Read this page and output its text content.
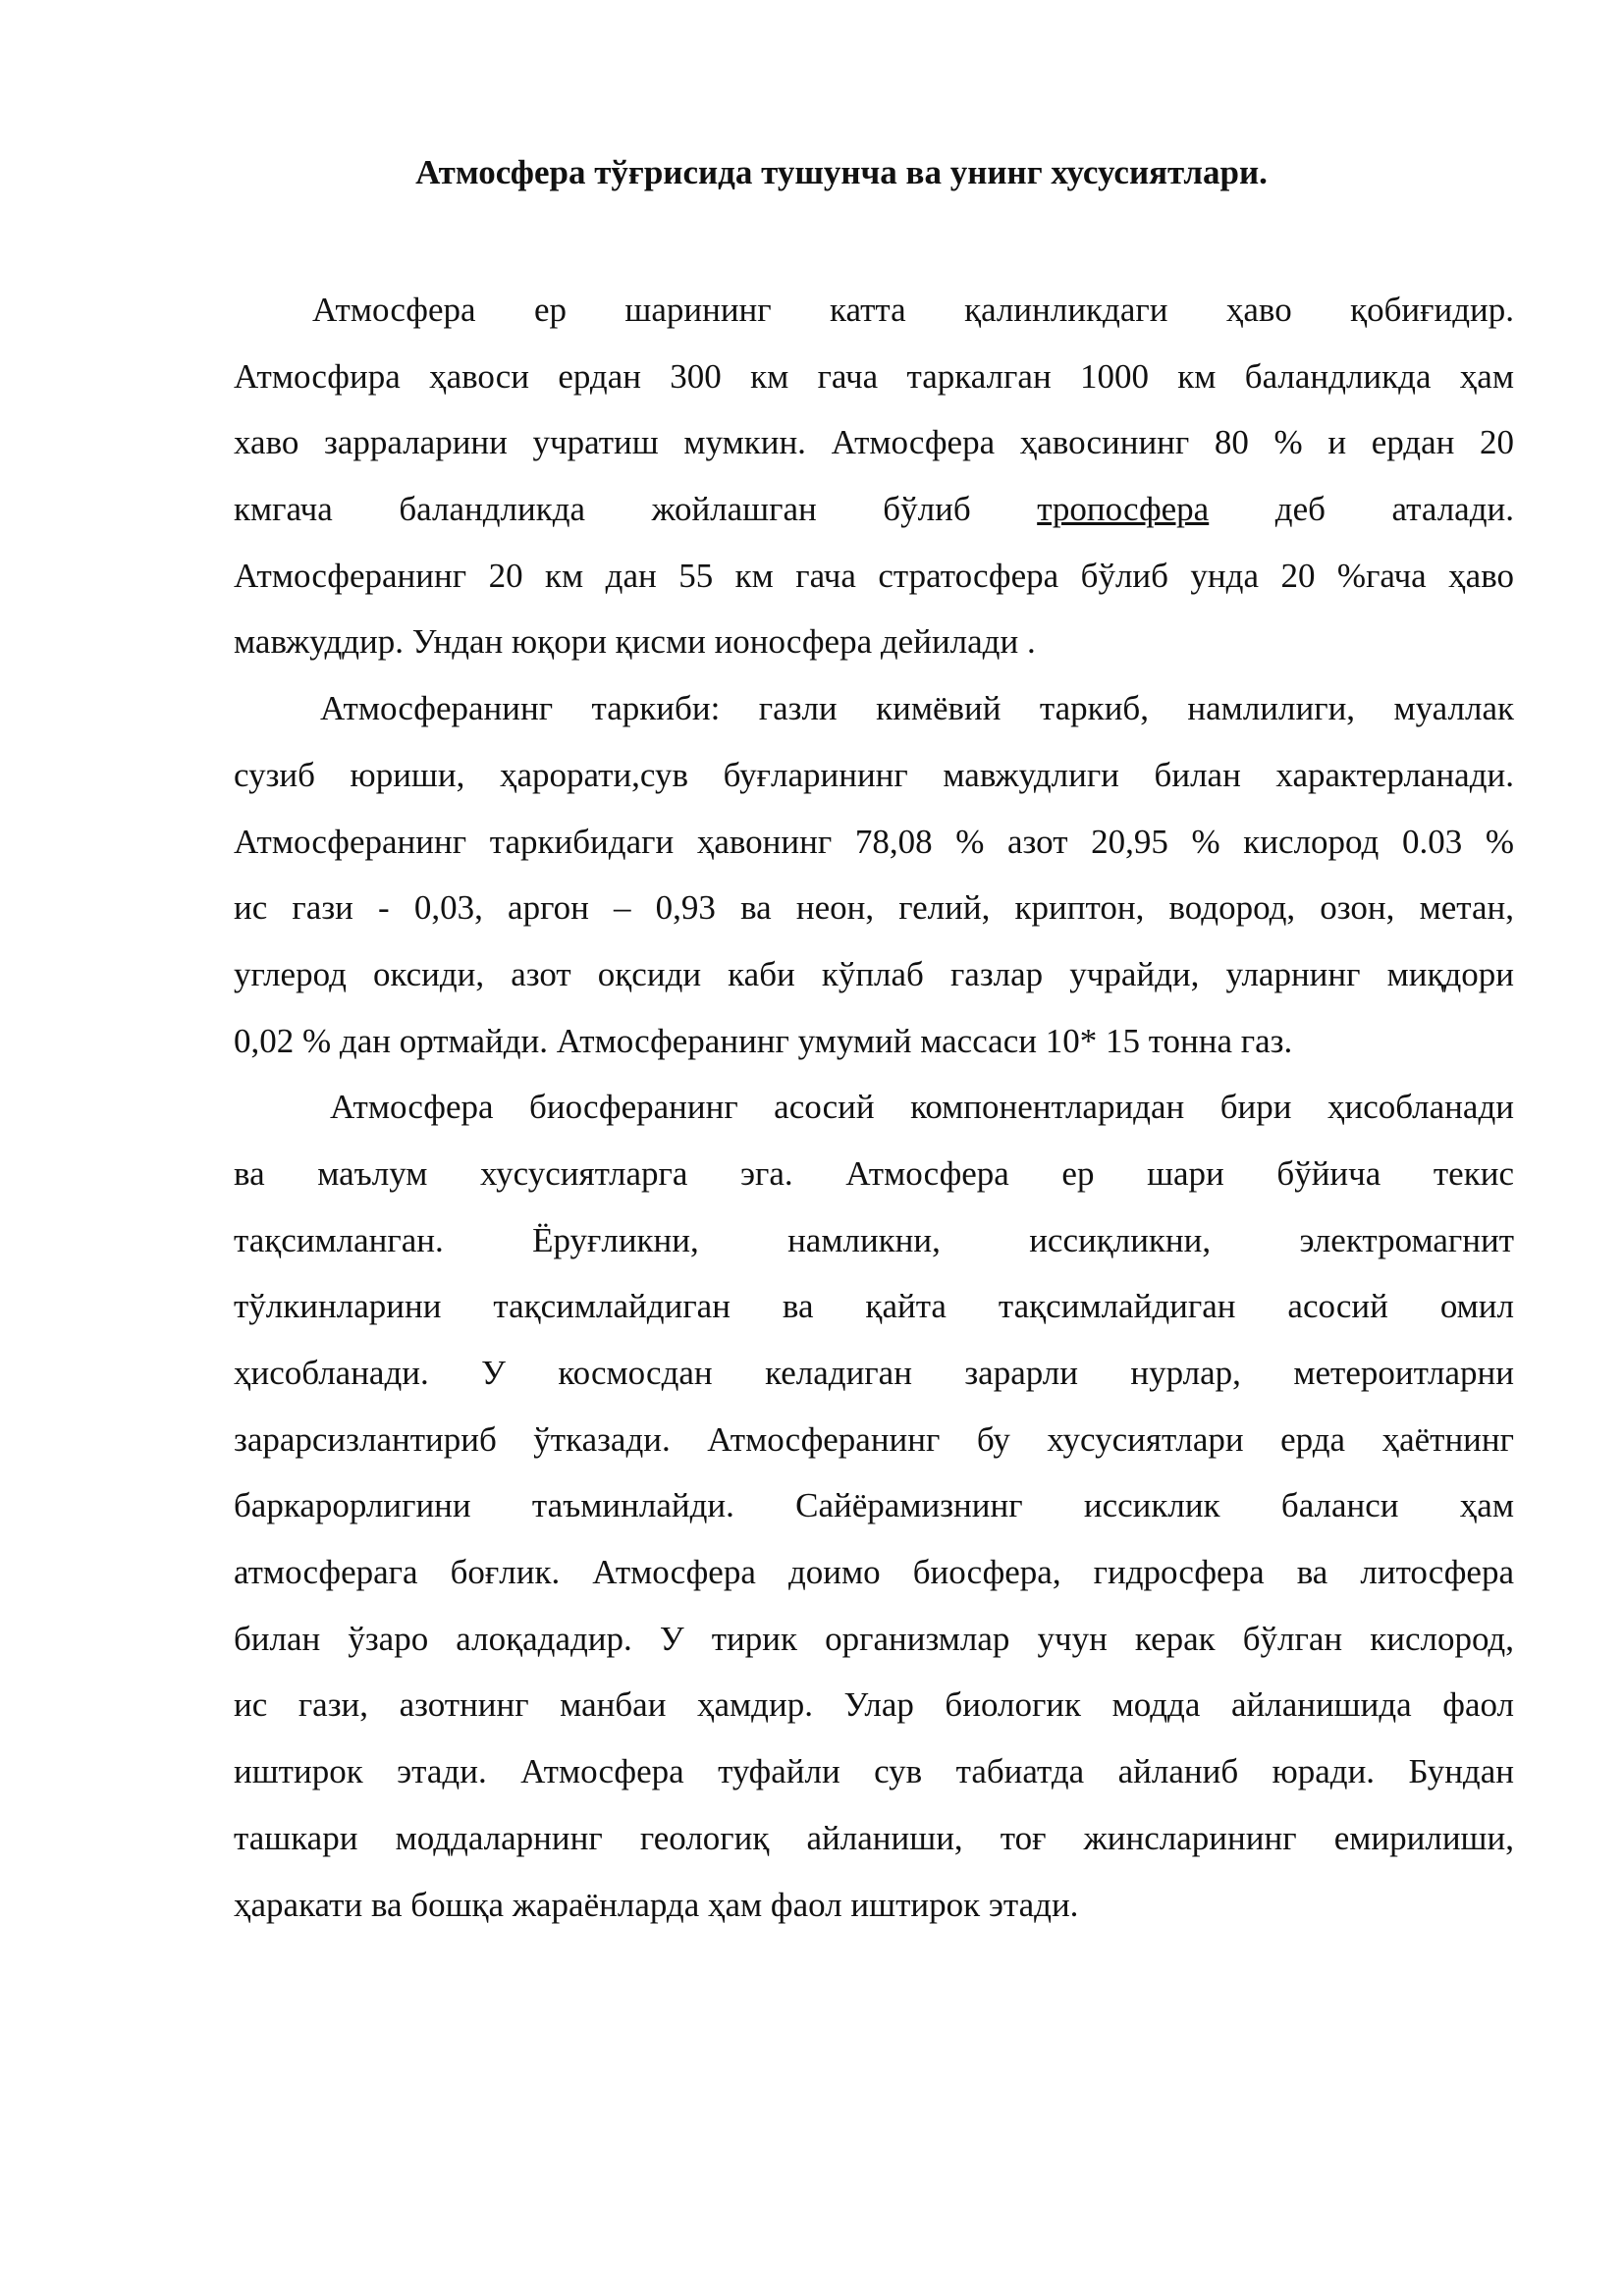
Атмосфера тўғрисида тушунча ва унинг хусусиятлари.
Атмосфера ер шарининг катта қалинликдаги ҳаво қобиғидир.
Атмосфира ҳавоси ердан 300 км гача таркалган 1000 км баландликда ҳам
хаво зарраларини учратиш мумкин. Атмосфера ҳавосининг 80 % и ердан 20
кмгача баландликда жойлашган бўлиб тропосфера деб аталади.
Атмосферанинг 20 км дан 55 км гача стратосфера бўлиб унда 20 %гача ҳаво
мавжуддир. Ундан юқори қисми ионосфера дейилади .
Атмосферанинг таркиби: газли кимёвий таркиб, намлилиги, муаллак
сузиб юриши, ҳарорати,сув буғларининг мавжудлиги билан характерланади.
Атмосферанинг таркибидаги ҳавонинг 78,08 % азот 20,95 % кислород 0.03 %
ис гази - 0,03, аргон – 0,93 ва неон, гелий, криптон, водород, озон, метан,
углерод оксиди, азот оқсиди каби кўплаб газлар учрайди, уларнинг миқдори
0,02 % дан ортмайди. Атмосферанинг умумий массаси 10* 15 тонна газ.
Атмосфера биосферанинг асосий компонентларидан бири ҳисобланади
ва маълум хусусиятларга эга. Атмосфера ер шари бўйича текис
тақсимланган. Ёруғликни, намликни, иссиқликни, электромагнит
тўлкинларини тақсимлайдиган ва қайта тақсимлайдиган асосий омил
ҳисобланади. У космосдан келадиган зарарли нурлар, метероитларни
зарарсизлантириб ўтказади. Атмосферанинг бу хусусиятлари ерда ҳаётнинг
баркарорлигини таъминлайди. Сайёрамизнинг иссиклик баланси ҳам
атмосферага боғлик. Атмосфера доимо биосфера, гидросфера ва литосфера
билан ўзаро алоқададир. У тирик организмлар учун керак бўлган кислород,
ис гази, азотнинг манбаи ҳамдир. Улар биологик модда айланишида фаол
иштирок этади. Атмосфера туфайли сув табиатда айланиб юради. Бундан
ташкари моддаларнинг геологиқ айланиши, тоғ жинсларининг емирилиши,
ҳаракати ва бошқа жараёнларда ҳам фаол иштирок этади.
